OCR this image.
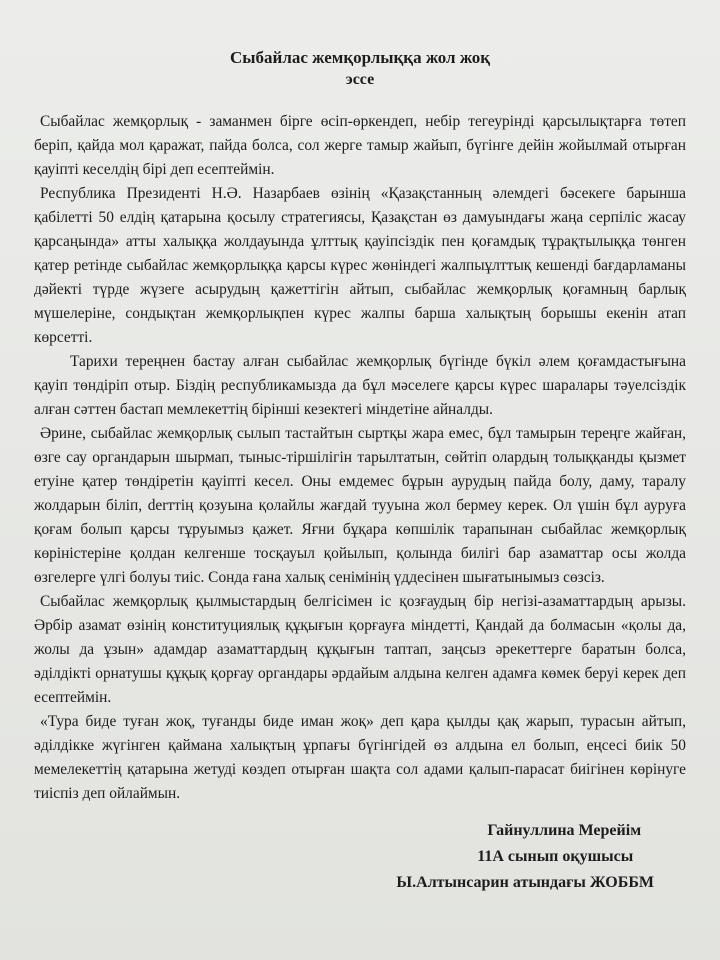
Сыбайлас жемқорлыққа жол жоқ
эссе

Сыбайлас жемқорлық - заманмен бірге өсіп-өркендеп, небір тегеурінді қарсылықтарға төтеп беріп, қайда мол қаражат, пайда болса, сол жерге тамыр жайып, бүгінге дейін жойылмай отырған қауіпті кеселдің бірі деп есептеймін.

Республика Президенті Н.Ә. Назарбаев өзінің «Қазақстанның әлемдегі бәсекеге барынша қабілетті 50 елдің қатарына қосылу стратегиясы, Қазақстан өз дамуындағы жаңа серпіліс жасау қарсаңында» атты халыққа жолдауында ұлттық қауіпсіздік пен қоғамдық тұрақтылыққа төнген қатер ретінде сыбайлас жемқорлыққа қарсы күрес жөніндегі жалпыұлттық кешенді бағдарламаны дәйекті түрде жүзеге асырудың қажеттігін айтып, сыбайлас жемқорлық қоғамның барлық мүшелеріне, сондықтан жемқорлықпен күрес жалпы барша халықтың борышы екенін атап көрсетті.

Тарихи тереңнен бастау алған сыбайлас жемқорлық бүгінде бүкіл әлем қоғамдастығына қауіп төндіріп отыр. Біздің республикамызда да бұл мәселеге қарсы күрес шаралары тәуелсіздік алған сәттен бастап мемлекеттің бірінші кезектегі міндетіне айналды.

Әрине, сыбайлас жемқорлық сылып тастайтын сыртқы жара емес, бұл тамырын тереңге жайған, өзге сау органдарын шырмап, тыныс-тіршілігін тарылтатын, сөйтіп олардың толыққанды қызмет етуіне қатер төндіретін қауіпті кесел. Оны емдемес бұрын аурудың пайда болу, даму, таралу жолдарын біліп, derттің қозуына қолайлы жағдай тууына жол бермеу керек. Ол үшін бұл ауруға қоғам болып қарсы тұруымыз қажет. Яғни бұқара көпшілік тарапынан сыбайлас жемқорлық көріністеріне қолдан келгенше тосқауыл қойылып, қолында билігі бар азаматтар осы жолда өзгелерге үлгі болуы тиіс. Сонда ғана халық сенімінің үддесінен шығатынымыз сөзсіз.

Сыбайлас жемқорлық қылмыстардың белгісімен іс қозғаудың бір негізі-азаматтардың арызы. Әрбір азамат өзінің конституциялық құқығын қорғауға міндетті, Қандай да болмасын «қолы да, жолы да ұзын» адамдар азаматтардың құқығын таптап, заңсыз әрекеттерге баратын болса, әділдікті орнатушы құқық қорғау органдары әрдайым алдына келген адамға көмек беруі керек деп есептеймін.

«Тура биде туған жоқ, туғанды биде иман жоқ» деп қара қылды қақ жарып, турасын айтып, әділдікке жүгінген қаймана халықтың ұрпағы бүгінгідей өз алдына ел болып, еңсесі биік 50 мемелекеттің қатарына жетуді көздеп отырған шақта сол адами қалып-парасат биігінен көрінуге тиіспіз деп ойлаймын.

Гайнуллина Мерейім
11А сынып оқушысы
Ы.Алтынсарин атындағы ЖОББМ
